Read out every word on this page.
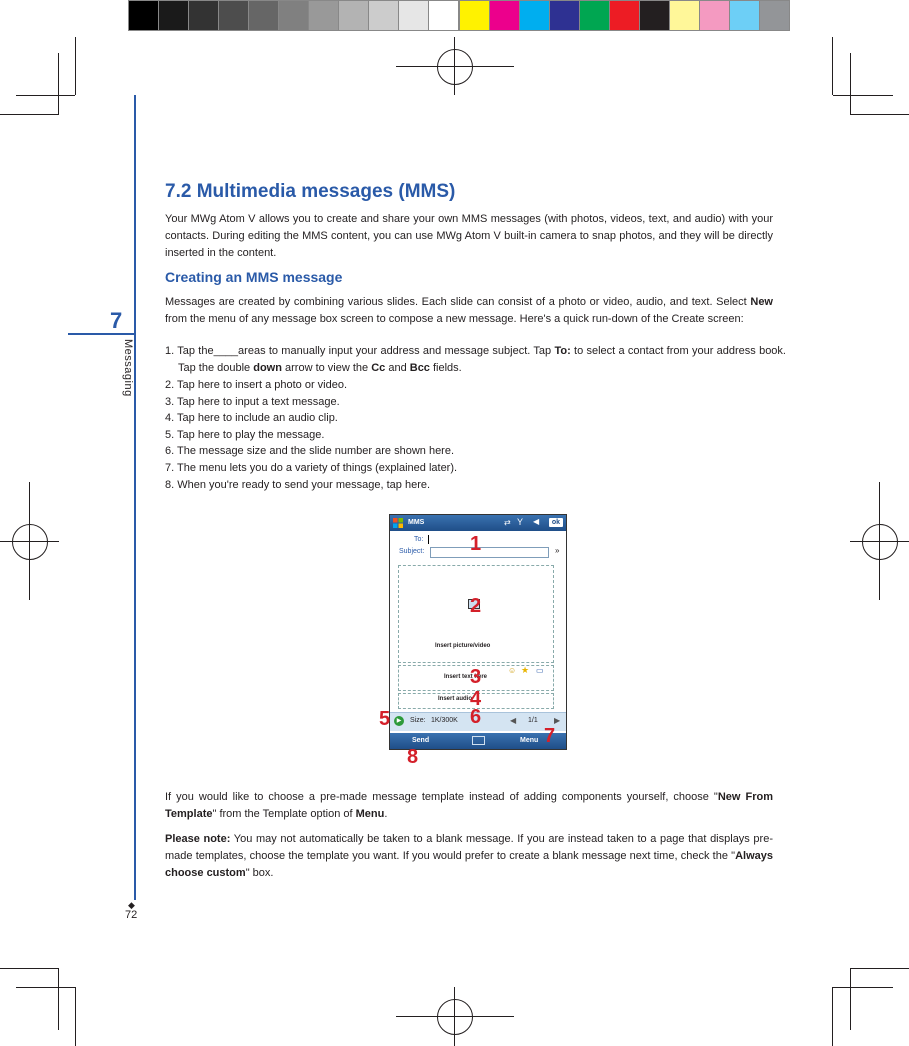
7
Messaging
◆
72
7.2 Multimedia messages (MMS)
Your MWg Atom V allows you to create and share your own MMS messages (with photos, videos, text, and audio) with your contacts. During editing the MMS content, you can use MWg Atom V built-in camera to snap photos, and they will be directly inserted in the content.
Creating an MMS message
Messages are created by combining various slides. Each slide can consist of a photo or video, audio, and text. Select New from the menu of any message box screen to compose a new message. Here's a quick run-down of the Create screen:
1. Tap the____areas to manually input your address and message subject. Tap To: to select a contact from your address book. Tap the double down arrow to view the Cc and Bcc fields.
2. Tap here to insert a photo or video.
3. Tap here to input a text message.
4. Tap here to include an audio clip.
5. Tap here to play the message.
6. The message size and the slide number are shown here.
7. The menu lets you do a variety of things (explained later).
8. When you're ready to send your message, tap here.
MMS	⇄ Y ◀	ok
To:
Subject:	»
Insert picture/video
Insert text here
☺ ★ ▭
Insert audio
▶	Size: 1K/300K	◀ 1/1 ▶
Send	Menu
1
2
3
4
5	6
7
8
If you would like to choose a pre-made message template instead of adding components yourself, choose "New From Template" from the Template option of Menu.
Please note: You may not automatically be taken to a blank message. If you are instead taken to a page that displays pre-made templates, choose the template you want. If you would prefer to create a blank message next time, check the "Always choose custom" box.
